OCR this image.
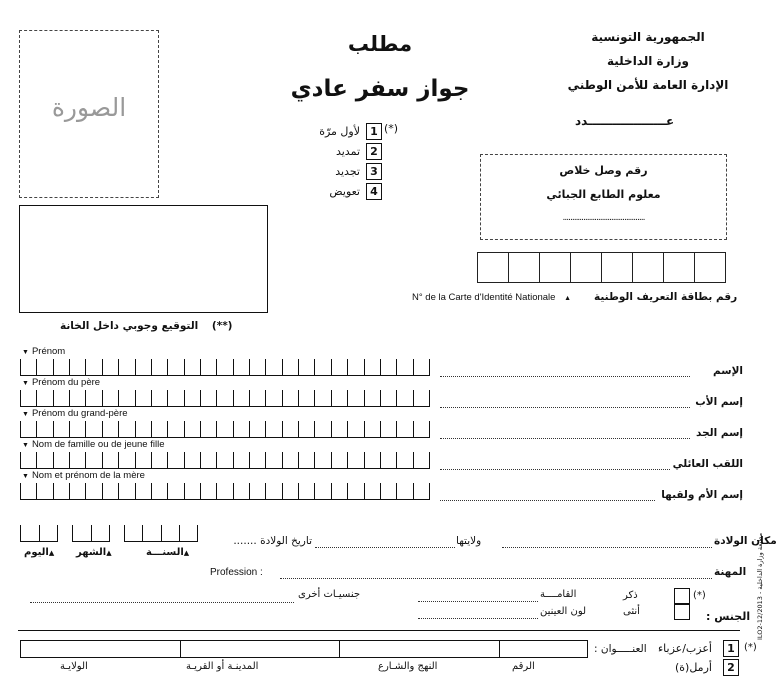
الجمهورية التونسية
وزارة الداخلية
الإدارة العامة للأمن الوطني
عـــــــــــــــــــدد
مطلب
جواز سفر عادي
(*)
1
لأول مرّة
2
تمديد
3
تجديد
4
تعويض
الصورة
(**) التوقيع وجوبي داخل الخانة
رقم وصل خلاص
معلوم الطابع الجبائي
............................................
N° de la Carte d'Identité Nationale ▲ رقم بطاقة التعريف الوطنية
▼ Prénom
الإسم
▼ Prénom du père
إسم الأب
▼ Prénom du grand-père
إسم الجد
▼ Nom de famille ou de jeune fille
اللقب العائلي
▼ Nom et prénom de la mère
إسم الأم ولقبها
اليوم▲ الشهر▲	السنـــة▲
تاريخ الولادة .......	ولايتها	مكان الولادة
Profession :	المهنة
جنسيـات أخرى	القامــــة
لون العينين
ذكر
أنثى
(*)
الجنس :	ILO2-12/2013 - مطبعة وزارة الداخلية
العنـــــوان :
الرقم
النهج والشـارع
المدينـة أو القريـة
الولايـة
أعزب/عزباء	1 (*)
أرمل(ة)	2
